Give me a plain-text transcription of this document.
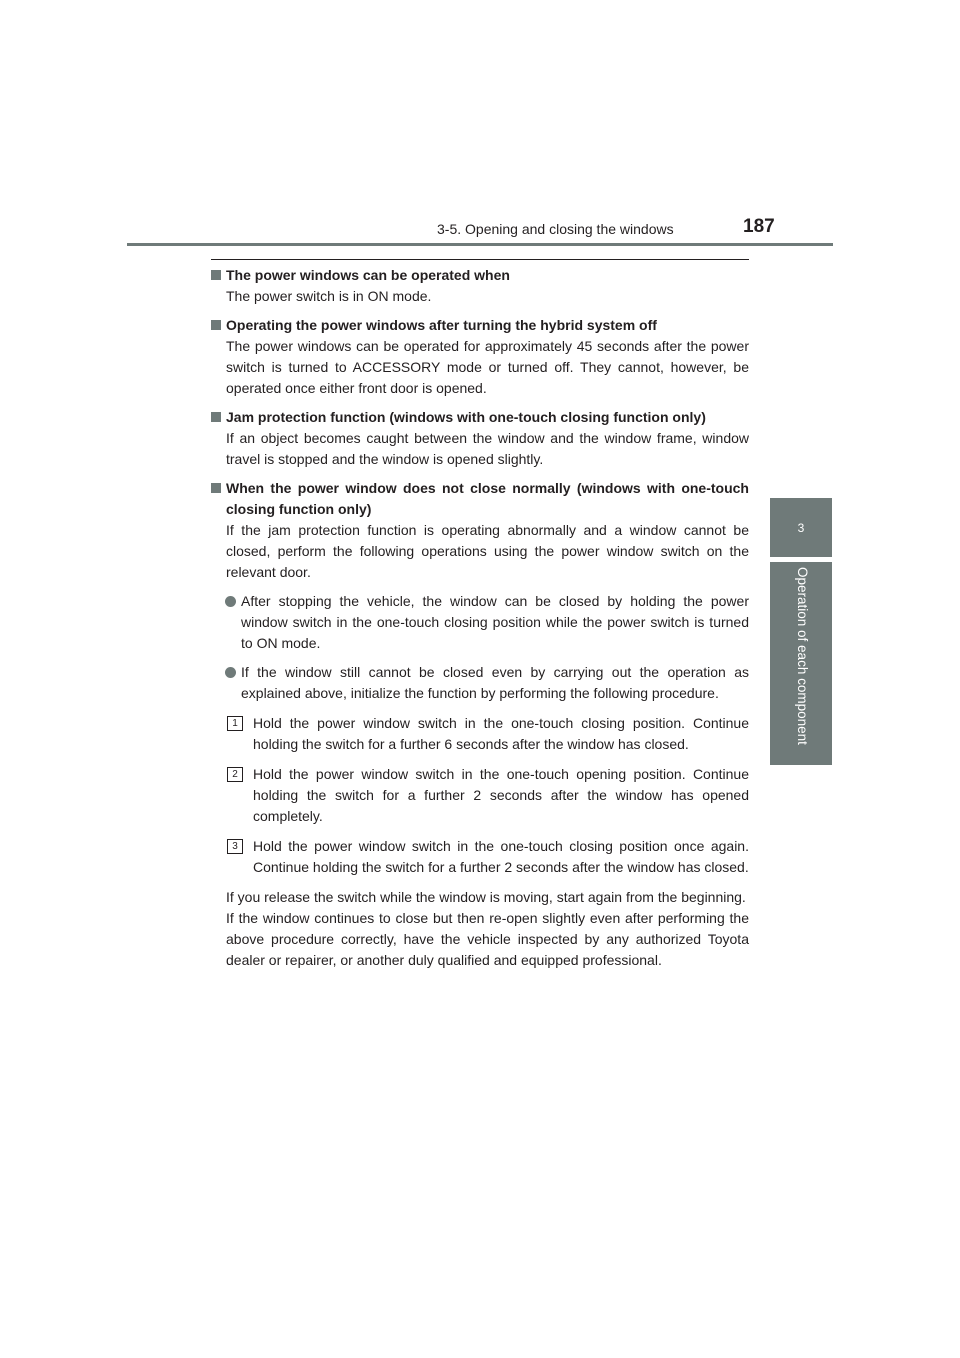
3-5. Opening and closing the windows	187
3
Operation of each component
The power windows can be operated when
The power switch is in ON mode.
Operating the power windows after turning the hybrid system off
The power windows can be operated for approximately 45 seconds after the power switch is turned to ACCESSORY mode or turned off. They cannot, however, be operated once either front door is opened.
Jam protection function (windows with one-touch closing function only)
If an object becomes caught between the window and the window frame, window travel is stopped and the window is opened slightly.
When the power window does not close normally (windows with one-touch closing function only)
If the jam protection function is operating abnormally and a window cannot be closed, perform the following operations using the power window switch on the relevant door.
After stopping the vehicle, the window can be closed by holding the power window switch in the one-touch closing position while the power switch is turned to ON mode.
If the window still cannot be closed even by carrying out the operation as explained above, initialize the function by performing the following procedure.
1	Hold the power window switch in the one-touch closing position. Continue holding the switch for a further 6 seconds after the window has closed.
2	Hold the power window switch in the one-touch opening position. Continue holding the switch for a further 2 seconds after the window has opened completely.
3	Hold the power window switch in the one-touch closing position once again. Continue holding the switch for a further 2 seconds after the window has closed.
If you release the switch while the window is moving, start again from the beginning.
If the window continues to close but then re-open slightly even after performing the above procedure correctly, have the vehicle inspected by any authorized Toyota dealer or repairer, or another duly qualified and equipped professional.
